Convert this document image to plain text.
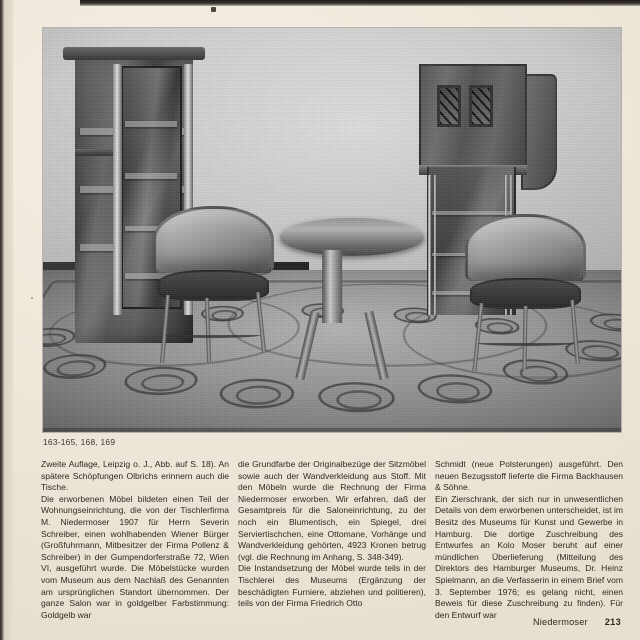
163-165, 168, 169

Zweite Auflage, Leipzig o. J., Abb. auf S. 18). An spätere Schöpfungen Olbrichs erinnern auch die Tische.

Die erworbenen Möbel bildeten einen Teil der Wohnungseinrichtung, die von der Tischlerfirma M. Niedermoser 1907 für Herrn Severin Schreiber, einen wohlhabenden Wiener Bürger (Großfuhrmann, Mitbesitzer der Firma Pollenz & Schreiber) in der Gumpendorferstraße 72, Wien VI, ausgeführt wurde. Die Möbelstücke wurden vom Museum aus dem Nachlaß des Genannten am ursprünglichen Standort übernommen. Der ganze Salon war in goldgelber Farbstimmung: Goldgelb war

die Grundfarbe der Originalbezüge der Sitzmöbel sowie auch der Wandverkleidung aus Stoff. Mit den Möbeln wurde die Rechnung der Firma Niedermoser erworben. Wir erfahren, daß der Gesamtpreis für die Saloneinrichtung, zu der noch ein Blumentisch, ein Spiegel, drei Serviertischchen, eine Ottomane, Vorhänge und Wandverkleidung gehörten, 4923 Kronen betrug (vgl. die Rechnung im Anhang, S. 348-349).

Die Instandsetzung der Möbel wurde teils in der Tischlerei des Museums (Ergänzung der beschädigten Furniere, abziehen und politieren), teils von der Firma Friedrich Otto

Schmidt (neue Polsterungen) ausgeführt. Den neuen Bezugsstoff lieferte die Firma Backhausen & Söhne.

Ein Zierschrank, der sich nur in unwesentlichen Details von dem erworbenen unterscheidet, ist im Besitz des Museums für Kunst und Gewerbe in Hamburg. Die dortige Zuschreibung des Entwurfes an Kolo Moser beruht auf einer mündlichen Überlieferung (Mitteilung des Direktors des Hamburger Museums, Dr. Heinz Spielmann, an die Verfasserin in einem Brief vom 3. September 1976; es gelang nicht, einen Beweis für diese Zuschreibung zu finden). Für den Entwurf war

Niedermoser 213
